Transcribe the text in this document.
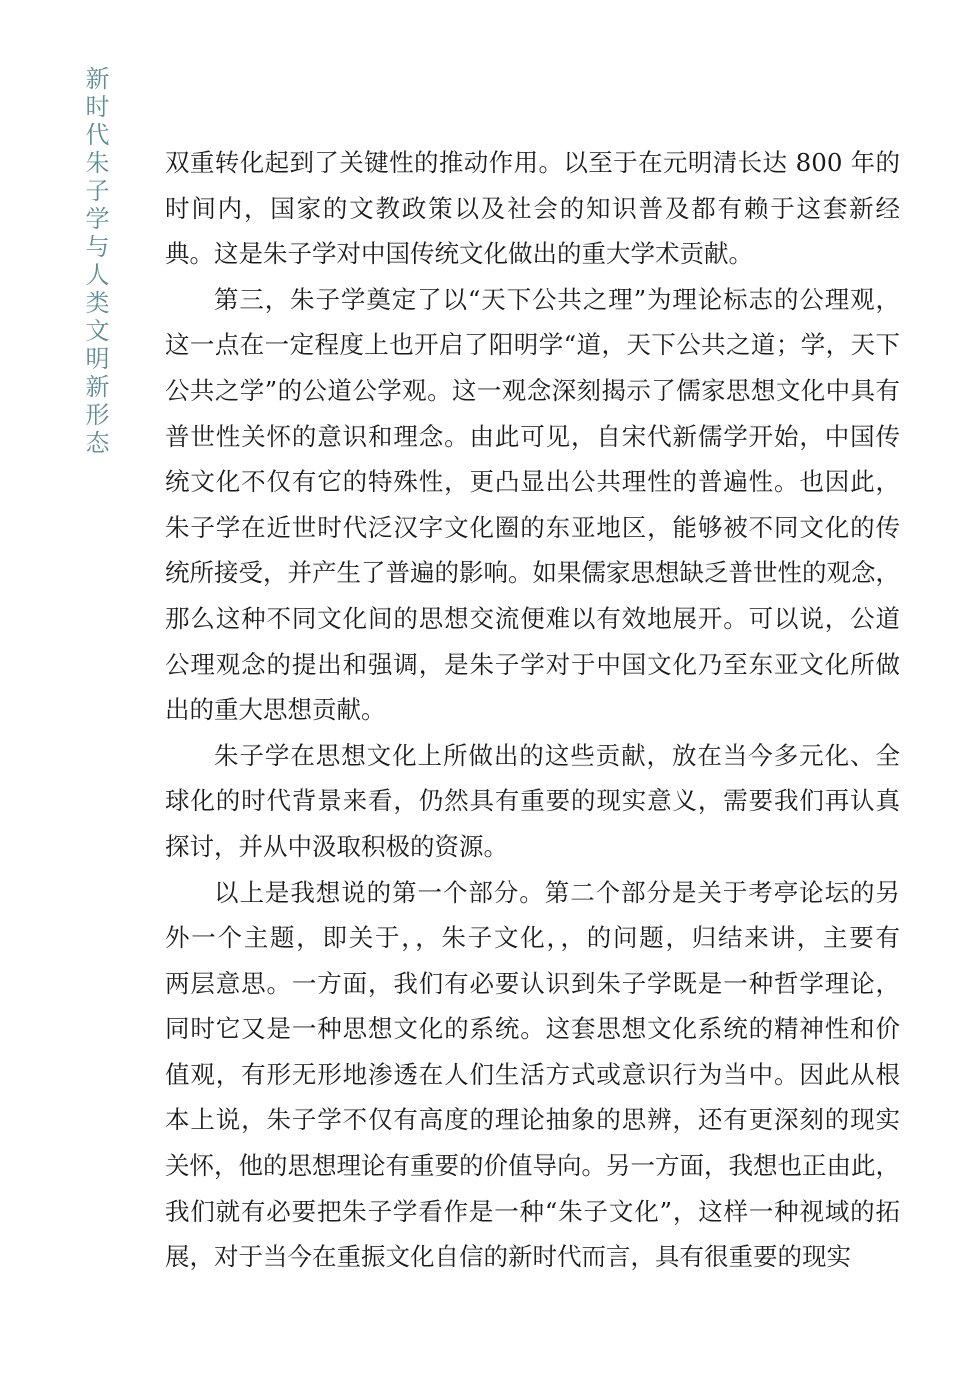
新时代朱子学与人类文明新形态 双重转化起到了关键性的推动作用。以至于在元明清长达 800 年的
时间内，国家的文教政策以及社会的知识普及都有赖于这套新经
典。这是朱子学对中国传统文化做出的重大学术贡献。
第三，朱子学奠定了以“天下公共之理”为理论标志的公理观，
这一点在一定程度上也开启了阳明学“道，天下公共之道；学，天下
公共之学”的公道公学观。这一观念深刻揭示了儒家思想文化中具有
普世性关怀的意识和理念。由此可见，自宋代新儒学开始，中国传
统文化不仅有它的特殊性，更凸显出公共理性的普遍性。也因此，
朱子学在近世时代泛汉字文化圈的东亚地区，能够被不同文化的传
统所接受，并产生了普遍的影响。如果儒家思想缺乏普世性的观念，
那么这种不同文化间的思想交流便难以有效地展开。可以说，公道
公理观念的提出和强调，是朱子学对于中国文化乃至东亚文化所做
出的重大思想贡献。
朱子学在思想文化上所做出的这些贡献，放在当今多元化、全
球化的时代背景来看，仍然具有重要的现实意义，需要我们再认真
探讨，并从中汲取积极的资源。
以上是我想说的第一个部分。第二个部分是关于考亭论坛的另
外一个主题，即关于，，朱子文化，，的问题，归结来讲，主要有
两层意思。一方面，我们有必要认识到朱子学既是一种哲学理论，
同时它又是一种思想文化的系统。这套思想文化系统的精神性和价
值观，有形无形地渗透在人们生活方式或意识行为当中。因此从根
本上说，朱子学不仅有高度的理论抽象的思辨，还有更深刻的现实
关怀，他的思想理论有重要的价值导向。另一方面，我想也正由此，
我们就有必要把朱子学看作是一种“朱子文化”，这样一种视域的拓
展，对于当今在重振文化自信的新时代而言，具有很重要的现实
